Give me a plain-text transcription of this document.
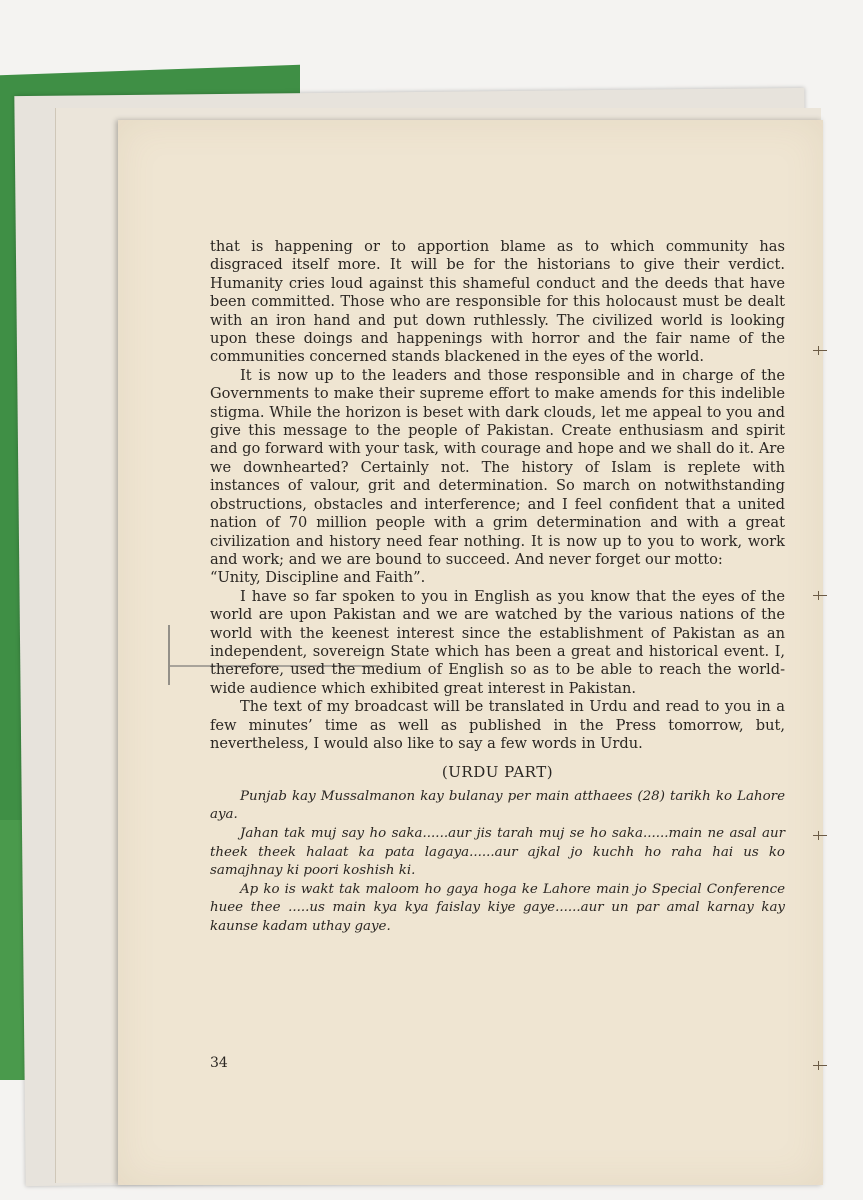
that is happening or to apportion blame as to which community has disgraced itself more. It will be for the historians to give their verdict. Humanity cries loud against this shameful conduct and the deeds that have been committed. Those who are responsible for this holocaust must be dealt with an iron hand and put down ruthlessly. The civilized world is looking upon these doings and happenings with horror and the fair name of the communities concerned stands blackened in the eyes of the world.

It is now up to the leaders and those responsible and in charge of the Governments to make their supreme effort to make amends for this indelible stigma. While the horizon is beset with dark clouds, let me appeal to you and give this message to the people of Pakistan. Create enthusiasm and spirit and go forward with your task, with courage and hope and we shall do it. Are we downhearted? Certainly not. The history of Islam is replete with instances of valour, grit and determination. So march on notwithstanding obstructions, obstacles and interference; and I feel confident that a united nation of 70 million people with a grim determination and with a great civilization and history need fear nothing. It is now up to you to work, work and work; and we are bound to succeed. And never forget our motto:

“Unity, Discipline and Faith”.

I have so far spoken to you in English as you know that the eyes of the world are upon Pakistan and we are watched by the various nations of the world with the keenest interest since the establishment of Pakistan as an independent, sovereign State which has been a great and historical event. I, therefore, used the medium of English so as to be able to reach the world-wide audience which exhibited great interest in Pakistan.

The text of my broadcast will be translated in Urdu and read to you in a few minutes’ time as well as published in the Press tomorrow, but, nevertheless, I would also like to say a few words in Urdu.

(URDU PART)

Punjab kay Mussalmanon kay bulanay per main atthaees (28) tarikh ko Lahore aya.

Jahan tak muj say ho saka......aur jis tarah muj se ho saka......main ne asal aur theek theek halaat ka pata lagaya......aur ajkal jo kuchh ho raha hai us ko samajhnay ki poori koshish ki.

Ap ko is wakt tak maloom ho gaya hoga ke Lahore main jo Special Conference huee thee .....us main kya kya faislay kiye gaye......aur un par amal karnay kay kaunse kadam uthay gaye.

34
